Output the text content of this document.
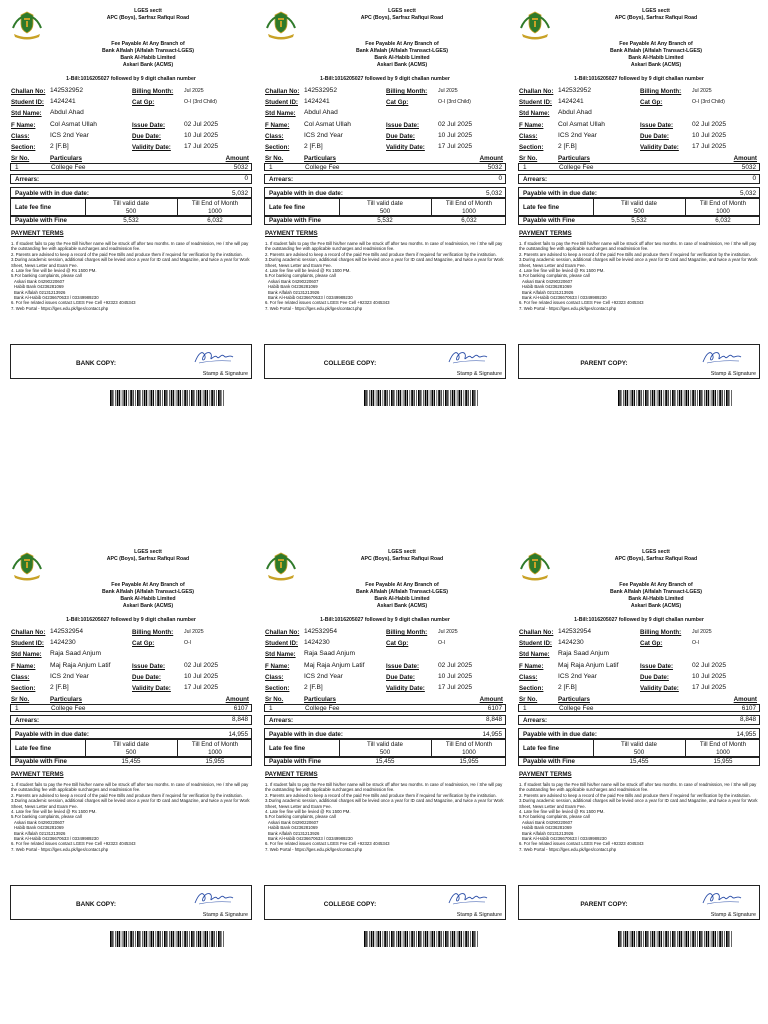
LGES sectt
APC (Boys), Sarfraz Rafiqui Road
Fee Payable At Any Branch of
Bank Alfalah (Alfalah Transact-LGES)
Bank Al-Habib Limited
Askari Bank (ACMS)
1-Bill:1016205027 followed by 9 digit challan number
Challan No: 142532952	Billing Month: Jul 2025
Student ID: 1424241	Cat Gp:	O-I (3rd Child)
Std Name: Abdul Ahad
F Name: Col Asmat Ullah	Issue Date:	02 Jul 2025
Class:	ICS 2nd Year	Due Date:	10 Jul 2025
Section: 2 [F.B]	Validity Date: 17 Jul 2025
Sr No.	Particulars	Amount
1	College Fee	5032
Arrears:	0
Payable with in due date:	5,032
Late fee fine
Till valid date	Till End of Month
500	1000
Payable with Fine	5,532	6,032
PAYMENT TERMS
1. If student fails to pay the Fee Bill his/her name will be struck off after two months. In case of readmission, He / She will pay the outstanding fee with applicable surcharges and readmission fee.
2. Parents are advised to keep a record of the paid Fee Bills and produce them if required for verification by the institution.
3.During academic session, additional charges will be levied once a year for ID card and Magazine, and twice a year for Work Sheet, News Letter and Exam Fee.
4. Late fee fine will be levied @ Rs 1500 PM.
5.For banking complaints, please call
Askari Bank 04290220607
Habib Bank 04236281069
Bank Alfalah 02131213926
Bank Al-Habib 04236670633 / 03349989230
6. For fee related issues contact LGES Fee Cell +92323 4045343
7. Web Portal - https://lges.edu.pk/lges/contact.php
BANK COPY:
Stamp & Signature
LGES sectt
APC (Boys), Sarfraz Rafiqui Road
Fee Payable At Any Branch of
Bank Alfalah (Alfalah Transact-LGES)
Bank Al-Habib Limited
Askari Bank (ACMS)
1-Bill:1016205027 followed by 9 digit challan number
Challan No: 142532952	Billing Month: Jul 2025
Student ID: 1424241	Cat Gp:	O-I (3rd Child)
Std Name: Abdul Ahad
F Name: Col Asmat Ullah	Issue Date:	02 Jul 2025
Class:	ICS 2nd Year	Due Date:	10 Jul 2025
Section: 2 [F.B]	Validity Date: 17 Jul 2025
Sr No.	Particulars	Amount
1	College Fee	5032
Arrears:	0
Payable with in due date:	5,032
Late fee fine
Till valid date	Till End of Month
500	1000
Payable with Fine	5,532	6,032
PAYMENT TERMS
1. If student fails to pay the Fee Bill his/her name will be struck off after two months. In case of readmission, He / She will pay the outstanding fee with applicable surcharges and readmission fee.
2. Parents are advised to keep a record of the paid Fee Bills and produce them if required for verification by the institution.
3.During academic session, additional charges will be levied once a year for ID card and Magazine, and twice a year for Work Sheet, News Letter and Exam Fee.
4. Late fee fine will be levied @ Rs 1500 PM.
5.For banking complaints, please call
Askari Bank 04290220607
Habib Bank 04236281069
Bank Alfalah 02131213926
Bank Al-Habib 04236670633 / 03349989230
6. For fee related issues contact LGES Fee Cell +92323 4045343
7. Web Portal - https://lges.edu.pk/lges/contact.php
COLLEGE COPY:
Stamp & Signature
LGES sectt
APC (Boys), Sarfraz Rafiqui Road
Fee Payable At Any Branch of
Bank Alfalah (Alfalah Transact-LGES)
Bank Al-Habib Limited
Askari Bank (ACMS)
1-Bill:1016205027 followed by 9 digit challan number
Challan No: 142532952	Billing Month: Jul 2025
Student ID: 1424241	Cat Gp:	O-I (3rd Child)
Std Name: Abdul Ahad
F Name: Col Asmat Ullah	Issue Date:	02 Jul 2025
Class:	ICS 2nd Year	Due Date:	10 Jul 2025
Section: 2 [F.B]	Validity Date: 17 Jul 2025
Sr No.	Particulars	Amount
1	College Fee	5032
Arrears:	0
Payable with in due date:	5,032
Late fee fine
Till valid date	Till End of Month
500	1000
Payable with Fine	5,532	6,032
PAYMENT TERMS
1. If student fails to pay the Fee Bill his/her name will be struck off after two months. In case of readmission, He / She will pay the outstanding fee with applicable surcharges and readmission fee.
2. Parents are advised to keep a record of the paid Fee Bills and produce them if required for verification by the institution.
3.During academic session, additional charges will be levied once a year for ID card and Magazine, and twice a year for Work Sheet, News Letter and Exam Fee.
4. Late fee fine will be levied @ Rs 1500 PM.
5.For banking complaints, please call
Askari Bank 04290220607
Habib Bank 04236281069
Bank Alfalah 02131213926
Bank Al-Habib 04236670633 / 03349989230
6. For fee related issues contact LGES Fee Cell +92323 4045343
7. Web Portal - https://lges.edu.pk/lges/contact.php
PARENT COPY:
Stamp & Signature
LGES sectt
APC (Boys), Sarfraz Rafiqui Road
Fee Payable At Any Branch of
Bank Alfalah (Alfalah Transact-LGES)
Bank Al-Habib Limited
Askari Bank (ACMS)
1-Bill:1016205027 followed by 9 digit challan number
Challan No: 142532954	Billing Month: Jul 2025
Student ID: 1424230	Cat Gp:	O-I
Std Name: Raja Saad Anjum
F Name: Maj Raja Anjum Latif	Issue Date:	02 Jul 2025
Class:	ICS 2nd Year	Due Date:	10 Jul 2025
Section: 2 [F.B]	Validity Date: 17 Jul 2025
Sr No.	Particulars	Amount
1	College Fee	6107
Arrears:	8,848
Payable with in due date:	14,955
Late fee fine
Till valid date	Till End of Month
500	1000
Payable with Fine	15,455	15,955
PAYMENT TERMS
1. If student fails to pay the Fee Bill his/her name will be struck off after two months. In case of readmission, He / She will pay the outstanding fee with applicable surcharges and readmission fee.
2. Parents are advised to keep a record of the paid Fee Bills and produce them if required for verification by the institution.
3.During academic session, additional charges will be levied once a year for ID card and Magazine, and twice a year for Work Sheet, News Letter and Exam Fee.
4. Late fee fine will be levied @ Rs 1500 PM.
5.For banking complaints, please call
Askari Bank 04290220607
Habib Bank 04236281069
Bank Alfalah 02131213926
Bank Al-Habib 04236670633 / 03349989230
6. For fee related issues contact LGES Fee Cell +92323 4045343
7. Web Portal - https://lges.edu.pk/lges/contact.php
BANK COPY:
Stamp & Signature
LGES sectt
APC (Boys), Sarfraz Rafiqui Road
Fee Payable At Any Branch of
Bank Alfalah (Alfalah Transact-LGES)
Bank Al-Habib Limited
Askari Bank (ACMS)
1-Bill:1016205027 followed by 9 digit challan number
Challan No: 142532954	Billing Month: Jul 2025
Student ID: 1424230	Cat Gp:	O-I
Std Name: Raja Saad Anjum
F Name: Maj Raja Anjum Latif	Issue Date:	02 Jul 2025
Class:	ICS 2nd Year	Due Date:	10 Jul 2025
Section: 2 [F.B]	Validity Date: 17 Jul 2025
Sr No.	Particulars	Amount
1	College Fee	6107
Arrears:	8,848
Payable with in due date:	14,955
Late fee fine
Till valid date	Till End of Month
500	1000
Payable with Fine	15,455	15,955
PAYMENT TERMS
1. If student fails to pay the Fee Bill his/her name will be struck off after two months. In case of readmission, He / She will pay the outstanding fee with applicable surcharges and readmission fee.
2. Parents are advised to keep a record of the paid Fee Bills and produce them if required for verification by the institution.
3.During academic session, additional charges will be levied once a year for ID card and Magazine, and twice a year for Work Sheet, News Letter and Exam Fee.
4. Late fee fine will be levied @ Rs 1500 PM.
5.For banking complaints, please call
Askari Bank 04290220607
Habib Bank 04236281069
Bank Alfalah 02131213926
Bank Al-Habib 04236670633 / 03349989230
6. For fee related issues contact LGES Fee Cell +92323 4045343
7. Web Portal - https://lges.edu.pk/lges/contact.php
COLLEGE COPY:
Stamp & Signature
LGES sectt
APC (Boys), Sarfraz Rafiqui Road
Fee Payable At Any Branch of
Bank Alfalah (Alfalah Transact-LGES)
Bank Al-Habib Limited
Askari Bank (ACMS)
1-Bill:1016205027 followed by 9 digit challan number
Challan No: 142532954	Billing Month: Jul 2025
Student ID: 1424230	Cat Gp:	O-I
Std Name: Raja Saad Anjum
F Name: Maj Raja Anjum Latif	Issue Date:	02 Jul 2025
Class:	ICS 2nd Year	Due Date:	10 Jul 2025
Section: 2 [F.B]	Validity Date: 17 Jul 2025
Sr No.	Particulars	Amount
1	College Fee	6107
Arrears:	8,848
Payable with in due date:	14,955
Late fee fine
Till valid date	Till End of Month
500	1000
Payable with Fine	15,455	15,955
PAYMENT TERMS
1. If student fails to pay the Fee Bill his/her name will be struck off after two months. In case of readmission, He / She will pay the outstanding fee with applicable surcharges and readmission fee.
2. Parents are advised to keep a record of the paid Fee Bills and produce them if required for verification by the institution.
3.During academic session, additional charges will be levied once a year for ID card and Magazine, and twice a year for Work Sheet, News Letter and Exam Fee.
4. Late fee fine will be levied @ Rs 1500 PM.
5.For banking complaints, please call
Askari Bank 04290220607
Habib Bank 04236281069
Bank Alfalah 02131213926
Bank Al-Habib 04236670633 / 03349989230
6. For fee related issues contact LGES Fee Cell +92323 4045343
7. Web Portal - https://lges.edu.pk/lges/contact.php
PARENT COPY:
Stamp & Signature
